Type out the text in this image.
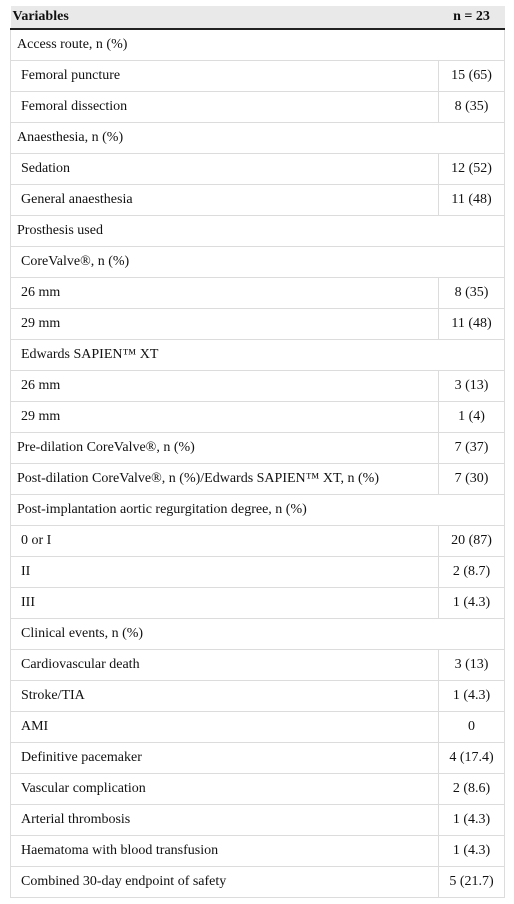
Variables	n = 23
Access route, n (%)	
Femoral puncture	15 (65)
Femoral dissection	8 (35)
Anaesthesia, n (%)	
Sedation	12 (52)
General anaesthesia	11 (48)
Prosthesis used	
CoreValve®, n (%)	
26 mm	8 (35)
29 mm	11 (48)
Edwards SAPIEN™ XT	
26 mm	3 (13)
29 mm	1 (4)
Pre-dilation CoreValve®, n (%)	7 (37)
Post-dilation CoreValve®, n (%)/Edwards SAPIEN™ XT, n (%)	7 (30)
Post-implantation aortic regurgitation degree, n (%)	
0 or I	20 (87)
II	2 (8.7)
III	1 (4.3)
Clinical events, n (%)	
Cardiovascular death	3 (13)
Stroke/TIA	1 (4.3)
AMI	0
Definitive pacemaker	4 (17.4)
Vascular complication	2 (8.6)
Arterial thrombosis	1 (4.3)
Haematoma with blood transfusion	1 (4.3)
Combined 30-day endpoint of safety	5 (21.7)
